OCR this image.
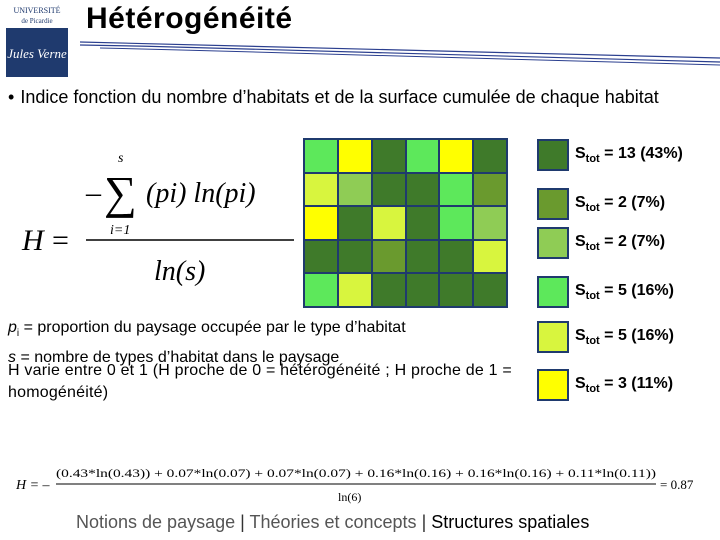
UNIVERSITÉ
de Picardie
Jules Verne
Hétérogénéité
• Indice fonction du nombre d’habitats et de la surface cumulée de chaque habitat
H =
– ∑
s
i=1
(pi) ln(pi)
ln(s)
$S_{tot} = 13$ (43%)
$S_{tot} = 2$ (7%)
$S_{tot} = 2$ (7%)
$S_{tot} = 5$ (16%)
$S_{tot} = 5$ (16%)
$S_{tot} = 3$ (11%)
$p_i$ = proportion du paysage occupée par le type d’habitat
s = nombre de types d’habitat dans le paysage
H varie entre 0 et 1 (H proche de 0 = hétérogénéité ; H proche de 1 = homogénéité)
H = –
(0.43*ln(0.43)) + 0.07*ln(0.07) + 0.07*ln(0.07) + 0.16*ln(0.16) + 0.16*ln(0.16) + 0.11*ln(0.11))
ln(6)
= 0.87
Notions de paysage | Théories et concepts | Structures spatiales
